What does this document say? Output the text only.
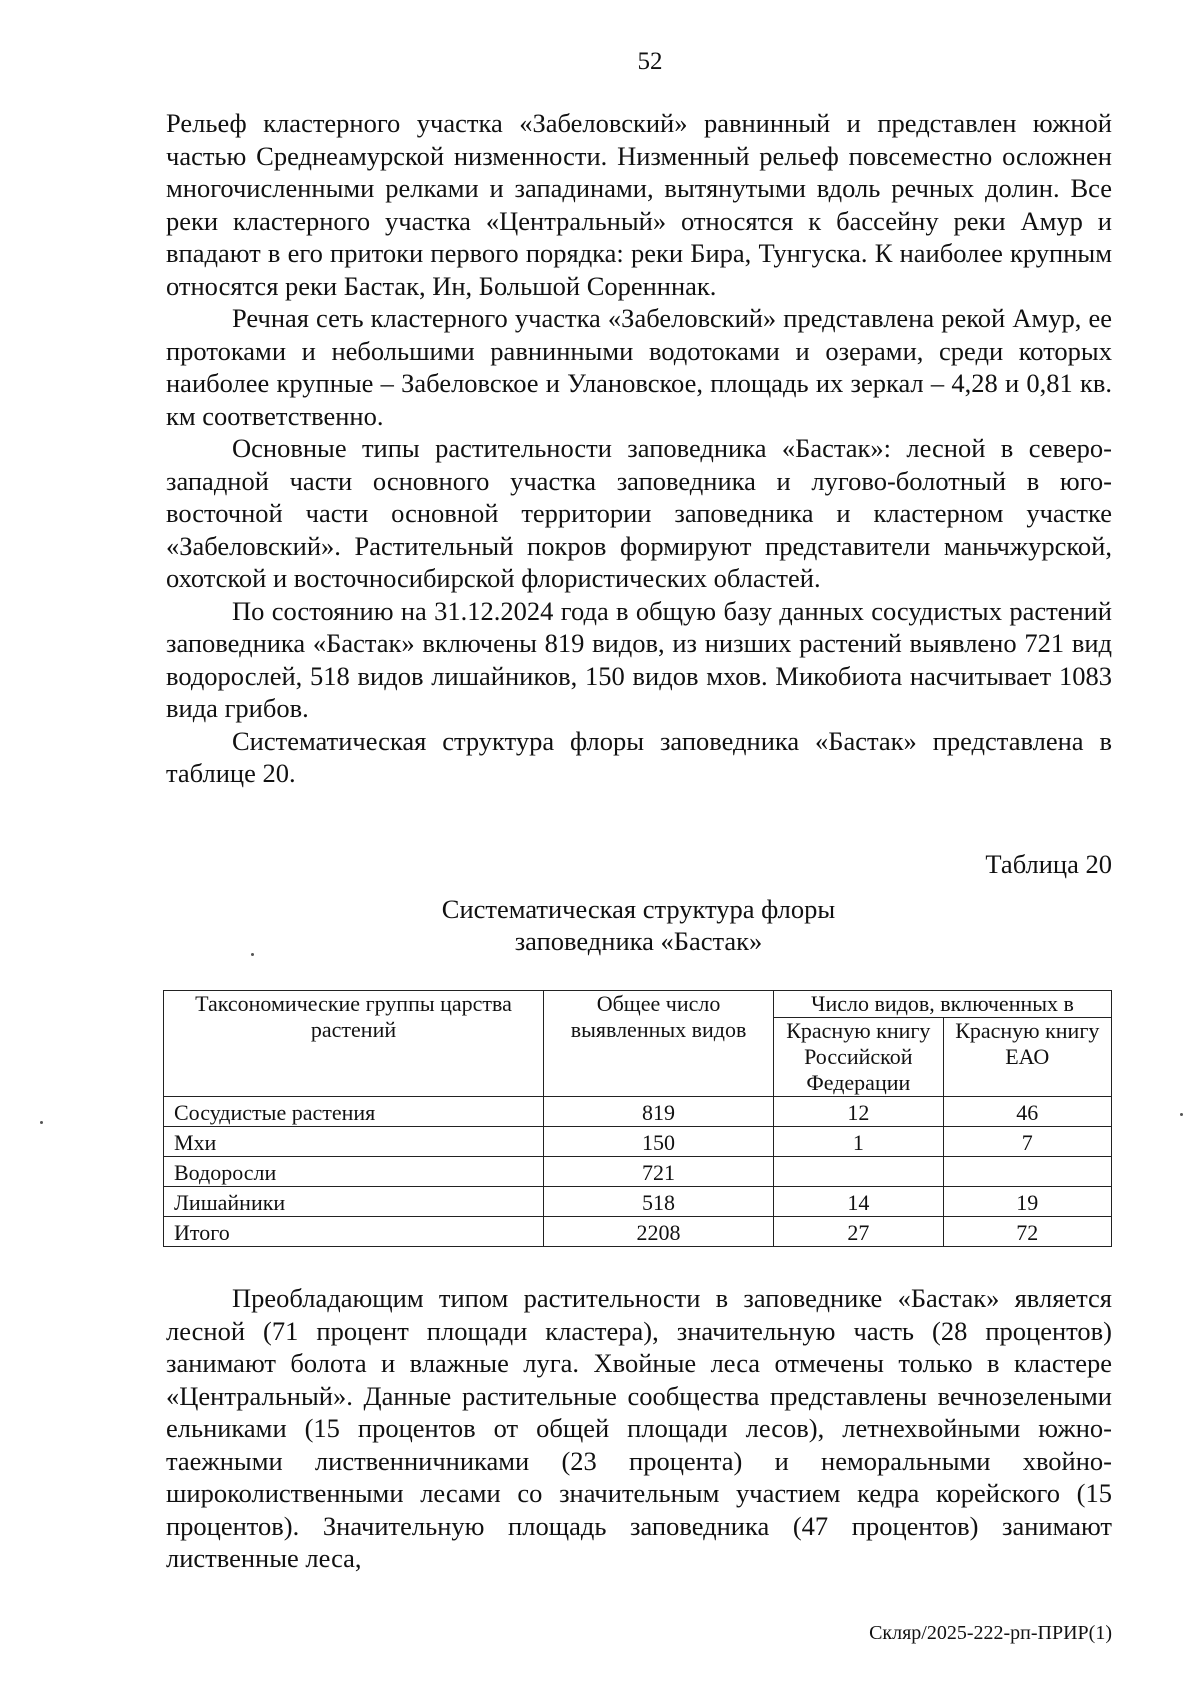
52

Рельеф кластерного участка «Забеловский» равнинный и представлен южной частью Среднеамурской низменности. Низменный рельеф повсеместно осложнен многочисленными релками и западинами, вытянутыми вдоль речных долин. Все реки кластерного участка «Центральный» относятся к бассейну реки Амур и впадают в его притоки первого порядка: реки Бира, Тунгуска. К наиболее крупным относятся реки Бастак, Ин, Большой Соренннак.

Речная сеть кластерного участка «Забеловский» представлена рекой Амур, ее протоками и небольшими равнинными водотоками и озерами, среди которых наиболее крупные – Забеловское и Улановское, площадь их зеркал – 4,28 и 0,81 кв. км соответственно.

Основные типы растительности заповедника «Бастак»: лесной в северо-западной части основного участка заповедника и лугово-болотный в юго-восточной части основной территории заповедника и кластерном участке «Забеловский». Растительный покров формируют представители маньчжурской, охотской и восточносибирской флористических областей.

По состоянию на 31.12.2024 года в общую базу данных сосудистых растений заповедника «Бастак» включены 819 видов, из низших растений выявлено 721 вид водорослей, 518 видов лишайников, 150 видов мхов. Микобиота насчитывает 1083 вида грибов.

Систематическая структура флоры заповедника «Бастак» представлена в таблице 20.

Таблица 20
Систематическая структура флоры
заповедника «Бастак»
Таксономические группы царства растений	Общее число выявленных видов	Число видов, включенных в	
		Красную книгу Российской Федерации	Красную книгу ЕАО
Сосудистые растения	819	12	46
Мхи	150	1	7
Водоросли	721		
Лишайники	518	14	19
Итого	2208	27	72

Преобладающим типом растительности в заповеднике «Бастак» является лесной (71 процент площади кластера), значительную часть (28 процентов) занимают болота и влажные луга. Хвойные леса отмечены только в кластере «Центральный». Данные растительные сообщества представлены вечнозелеными ельниками (15 процентов от общей площади лесов), летнехвойными южно-таежными лиственничниками (23 процента) и неморальными хвойно-широколиственными лесами со значительным участием кедра корейского (15 процентов). Значительную площадь заповедника (47 процентов) занимают лиственные леса,

Скляр/2025-222-рп-ПРИР(1)
